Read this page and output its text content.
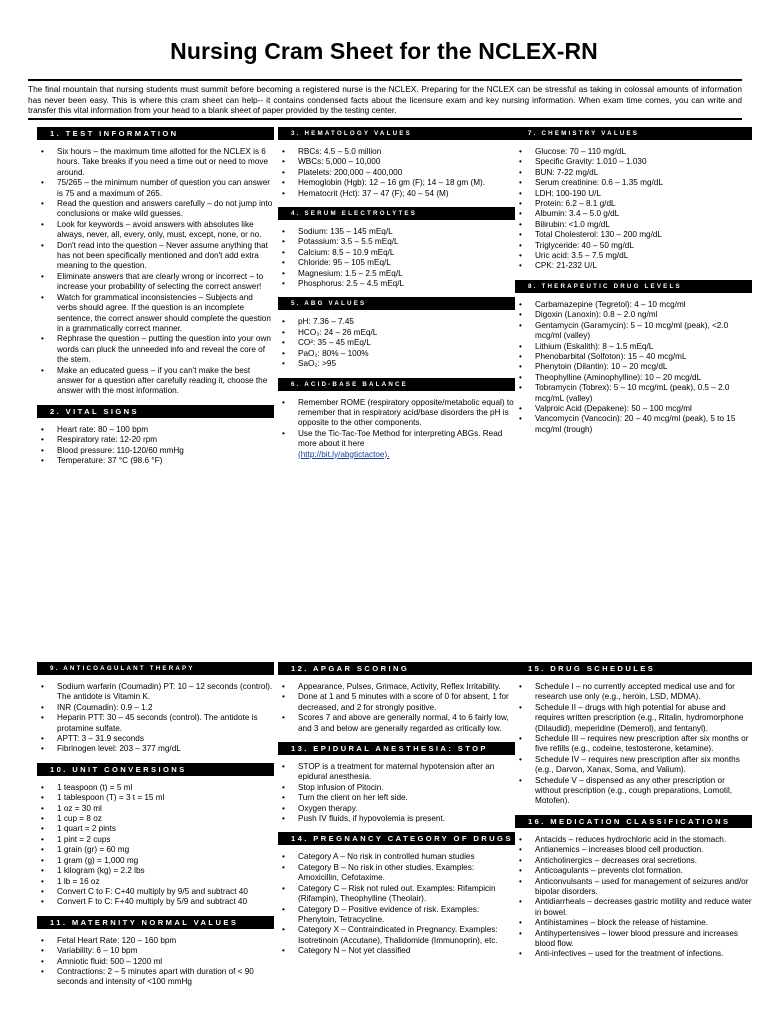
Nursing Cram Sheet for the NCLEX-RN
The final mountain that nursing students must summit before becoming a registered nurse is the NCLEX. Preparing for the NCLEX can be stressful as taking in colossal amounts of information has never been easy. This is where this cram sheet can help-- it contains condensed facts about the licensure exam and key nursing information. When exam time comes, you can write and transfer this vital information from your head to a blank sheet of paper provided by the testing center.
1. TEST INFORMATION
• Six hours – the maximum time allotted for the NCLEX is 6 hours. Take breaks if you need a time out or need to move around.
• 75/265 – the minimum number of question you can answer is 75 and a maximum of 265.
• Read the question and answers carefully – do not jump into conclusions or make wild guesses.
• Look for keywords – avoid answers with absolutes like always, never, all, every, only, must, except, none, or no.
• Don't read into the question – Never assume anything that has not been specifically mentioned and don't add extra meaning to the question.
• Eliminate answers that are clearly wrong or incorrect – to increase your probability of selecting the correct answer!
• Watch for grammatical inconsistencies – Subjects and verbs should agree. If the question is an incomplete sentence, the correct answer should complete the question in a grammatically correct manner.
• Rephrase the question – putting the question into your own words can pluck the unneeded info and reveal the core of the stem.
• Make an educated guess – if you can't make the best answer for a question after carefully reading it, choose the answer with the most information.
2. VITAL SIGNS
• Heart rate: 80 – 100 bpm
• Respiratory rate: 12-20 rpm
• Blood pressure: 110-120/60 mmHg
• Temperature: 37 °C (98.6 °F)
3. HEMATOLOGY VALUES
• RBCs: 4.5 – 5.0 million
• WBCs: 5,000 – 10,000
• Platelets: 200,000 – 400,000
• Hemoglobin (Hgb): 12 – 16 gm (F); 14 – 18 gm (M).
• Hematocrit (Hct): 37 – 47 (F); 40 – 54 (M)
4. SERUM ELECTROLYTES
• Sodium: 135 – 145 mEq/L
• Potassium: 3.5 – 5.5 mEq/L
• Calcium: 8.5 – 10.9 mEq/L
• Chloride: 95 – 105 mEq/L
• Magnesium: 1.5 – 2.5 mEq/L
• Phosphorus: 2.5 – 4.5 mEq/L
5. ABG VALUES
• pH: 7.36 – 7.45
• HCO₃: 24 – 26 mEq/L
• CO²: 35 – 45 mEq/L
• PaO₂: 80% – 100%
• SaO₂: >95
6. ACID-BASE BALANCE
• Remember ROME (respiratory opposite/metabolic equal) to remember that in respiratory acid/base disorders the pH is opposite to the other components.
• Use the Tic-Tac-Toe Method for interpreting ABGs. Read more about it here
(http://bit.ly/abgtictactoe).
7. CHEMISTRY VALUES
• Glucose: 70 – 110 mg/dL
• Specific Gravity: 1.010 – 1.030
• BUN: 7-22 mg/dL
• Serum creatinine: 0.6 – 1.35 mg/dL
• LDH: 100-190 U/L
• Protein: 6.2 – 8.1 g/dL
• Albumin: 3.4 – 5.0 g/dL
• Bilirubin: <1.0 mg/dL
• Total Cholesterol: 130 – 200 mg/dL
• Triglyceride: 40 – 50 mg/dL
• Uric acid: 3.5 – 7.5 mg/dL
• CPK: 21-232 U/L
8. THERAPEUTIC DRUG LEVELS
• Carbamazepine (Tegretol): 4 – 10 mcg/ml
• Digoxin (Lanoxin): 0.8 – 2.0 ng/ml
• Gentamycin (Garamycin): 5 – 10 mcg/ml (peak), <2.0 mcg/ml (valley)
• Lithium (Eskalith): 8 – 1.5 mEq/L
• Phenobarbital (Solfoton): 15 – 40 mcg/mL
• Phenytoin (Dilantin): 10 – 20 mcg/dL
• Theophylline (Aminophylline): 10 – 20 mcg/dL
• Tobramycin (Tobrex): 5 – 10 mcg/mL (peak), 0.5 – 2.0 mcg/mL (valley)
• Valproic Acid (Depakene): 50 – 100 mcg/ml
• Vancomycin (Vancocin): 20 – 40 mcg/ml (peak), 5 to 15 mcg/ml (trough)
9. ANTICOAGULANT THERAPY
• Sodium warfarin (Coumadin) PT: 10 – 12 seconds (control). The antidote is Vitamin K.
• INR (Coumadin): 0.9 – 1.2
• Heparin PTT: 30 – 45 seconds (control). The antidote is protamine sulfate.
• APTT: 3 – 31.9 seconds
• Fibrinogen level: 203 – 377 mg/dL
10. UNIT CONVERSIONS
• 1 teaspoon (t) = 5 ml
• 1 tablespoon (T) = 3 t = 15 ml
• 1 oz = 30 ml
• 1 cup = 8 oz
• 1 quart = 2 pints
• 1 pint = 2 cups
• 1 grain (gr) = 60 mg
• 1 gram (g) = 1,000 mg
• 1 kilogram (kg) = 2.2 lbs
• 1 lb = 16 oz
• Convert C to F: C+40 multiply by 9/5 and subtract 40
• Convert F to C: F+40 multiply by 5/9 and subtract 40
11. MATERNITY NORMAL VALUES
• Fetal Heart Rate: 120 – 160 bpm
• Variability: 6 – 10 bpm
• Amniotic fluid: 500 – 1200 ml
• Contractions: 2 – 5 minutes apart with duration of < 90 seconds and intensity of <100 mmHg
12. APGAR SCORING
• Appearance, Pulses, Grimace, Activity, Reflex Irritability.
• Done at 1 and 5 minutes with a score of 0 for absent, 1 for decreased, and 2 for strongly positive.
• Scores 7 and above are generally normal, 4 to 6 fairly low, and 3 and below are generally regarded as critically low.
13. EPIDURAL ANESTHESIA: STOP
• STOP is a treatment for maternal hypotension after an epidural anesthesia.
• Stop infusion of Pitocin.
• Turn the client on her left side.
• Oxygen therapy.
• Push IV fluids, if hypovolemia is present.
14. PREGNANCY CATEGORY OF DRUGS
• Category A – No risk in controlled human studies
• Category B – No risk in other studies. Examples: Amoxicillin, Cefotaxime.
• Category C – Risk not ruled out. Examples: Rifampicin (Rifampin), Theophylline (Theolair).
• Category D – Positive evidence of risk. Examples: Phenytoin, Tetracycline.
• Category X – Contraindicated in Pregnancy. Examples: Isotretinoin (Accutane), Thalidomide (Immunoprin), etc.
• Category N – Not yet classified
15. DRUG SCHEDULES
• Schedule I – no currently accepted medical use and for research use only (e.g., heroin, LSD, MDMA).
• Schedule II – drugs with high potential for abuse and requires written prescription (e.g., Ritalin, hydromorphone (Dilaudid), meperidine (Demerol), and fentanyl).
• Schedule III – requires new prescription after six months or five refills (e.g., codeine, testosterone, ketamine).
• Schedule IV – requires new prescription after six months (e.g., Darvon, Xanax, Soma, and Valium).
• Schedule V – dispensed as any other prescription or without prescription (e.g., cough preparations, Lomotil, Motofen).
16. MEDICATION CLASSIFICATIONS
• Antacids – reduces hydrochloric acid in the stomach.
• Antianemics – increases blood cell production.
• Anticholinergics – decreases oral secretions.
• Anticoagulants – prevents clot formation.
• Anticonvulsants – used for management of seizures and/or bipolar disorders.
• Antidiarrheals – decreases gastric motility and reduce water in bowel.
• Antihistamines – block the release of histamine.
• Antihypertensives – lower blood pressure and increases blood flow.
• Anti-infectives – used for the treatment of infections.
